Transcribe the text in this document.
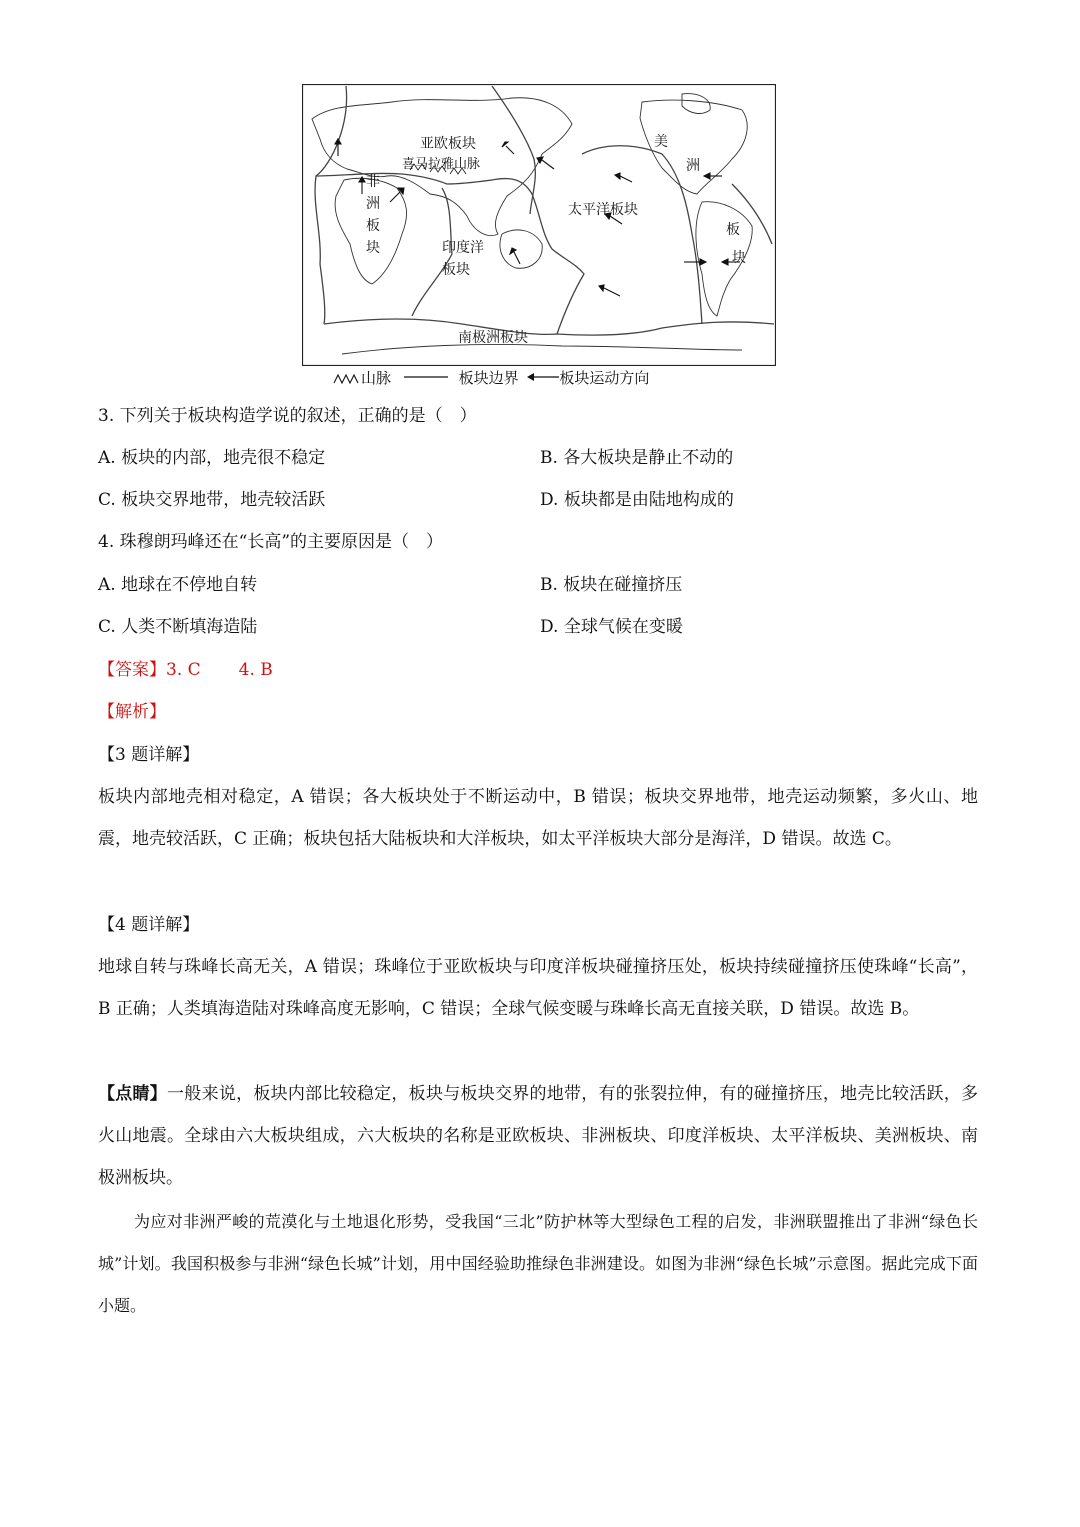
亚欧板块
喜马拉雅山脉
非
洲
板
块	印度洋
板块
太平洋板块
美
洲
板
块
南极洲板块
山脉	板块边界	板块运动方向
3. 下列关于板块构造学说的叙述，正确的是（　）
A. 板块的内部，地壳很不稳定	B. 各大板块是静止不动的
C. 板块交界地带，地壳较活跃	D. 板块都是由陆地构成的
4. 珠穆朗玛峰还在“长高”的主要原因是（　）
A. 地球在不停地自转	B. 板块在碰撞挤压
C. 人类不断填海造陆	D. 全球气候在变暖
【答案】3. C 4. B
【解析】
【3 题详解】
板块内部地壳相对稳定，A 错误；各大板块处于不断运动中，B 错误；板块交界地带，地壳运动频繁，多火山、地震，地壳较活跃，C 正确；板块包括大陆板块和大洋板块，如太平洋板块大部分是海洋，D 错误。故选 C。
【4 题详解】
地球自转与珠峰长高无关，A 错误；珠峰位于亚欧板块与印度洋板块碰撞挤压处，板块持续碰撞挤压使珠峰“长高”，B 正确；人类填海造陆对珠峰高度无影响，C 错误；全球气候变暖与珠峰长高无直接关联，D 错误。故选 B。
【点睛】一般来说，板块内部比较稳定，板块与板块交界的地带，有的张裂拉伸，有的碰撞挤压，地壳比较活跃，多火山地震。全球由六大板块组成，六大板块的名称是亚欧板块、非洲板块、印度洋板块、太平洋板块、美洲板块、南极洲板块。
为应对非洲严峻的荒漠化与土地退化形势，受我国“三北”防护林等大型绿色工程的启发，非洲联盟推出了非洲“绿色长城”计划。我国积极参与非洲“绿色长城”计划，用中国经验助推绿色非洲建设。如图为非洲“绿色长城”示意图。据此完成下面小题。
